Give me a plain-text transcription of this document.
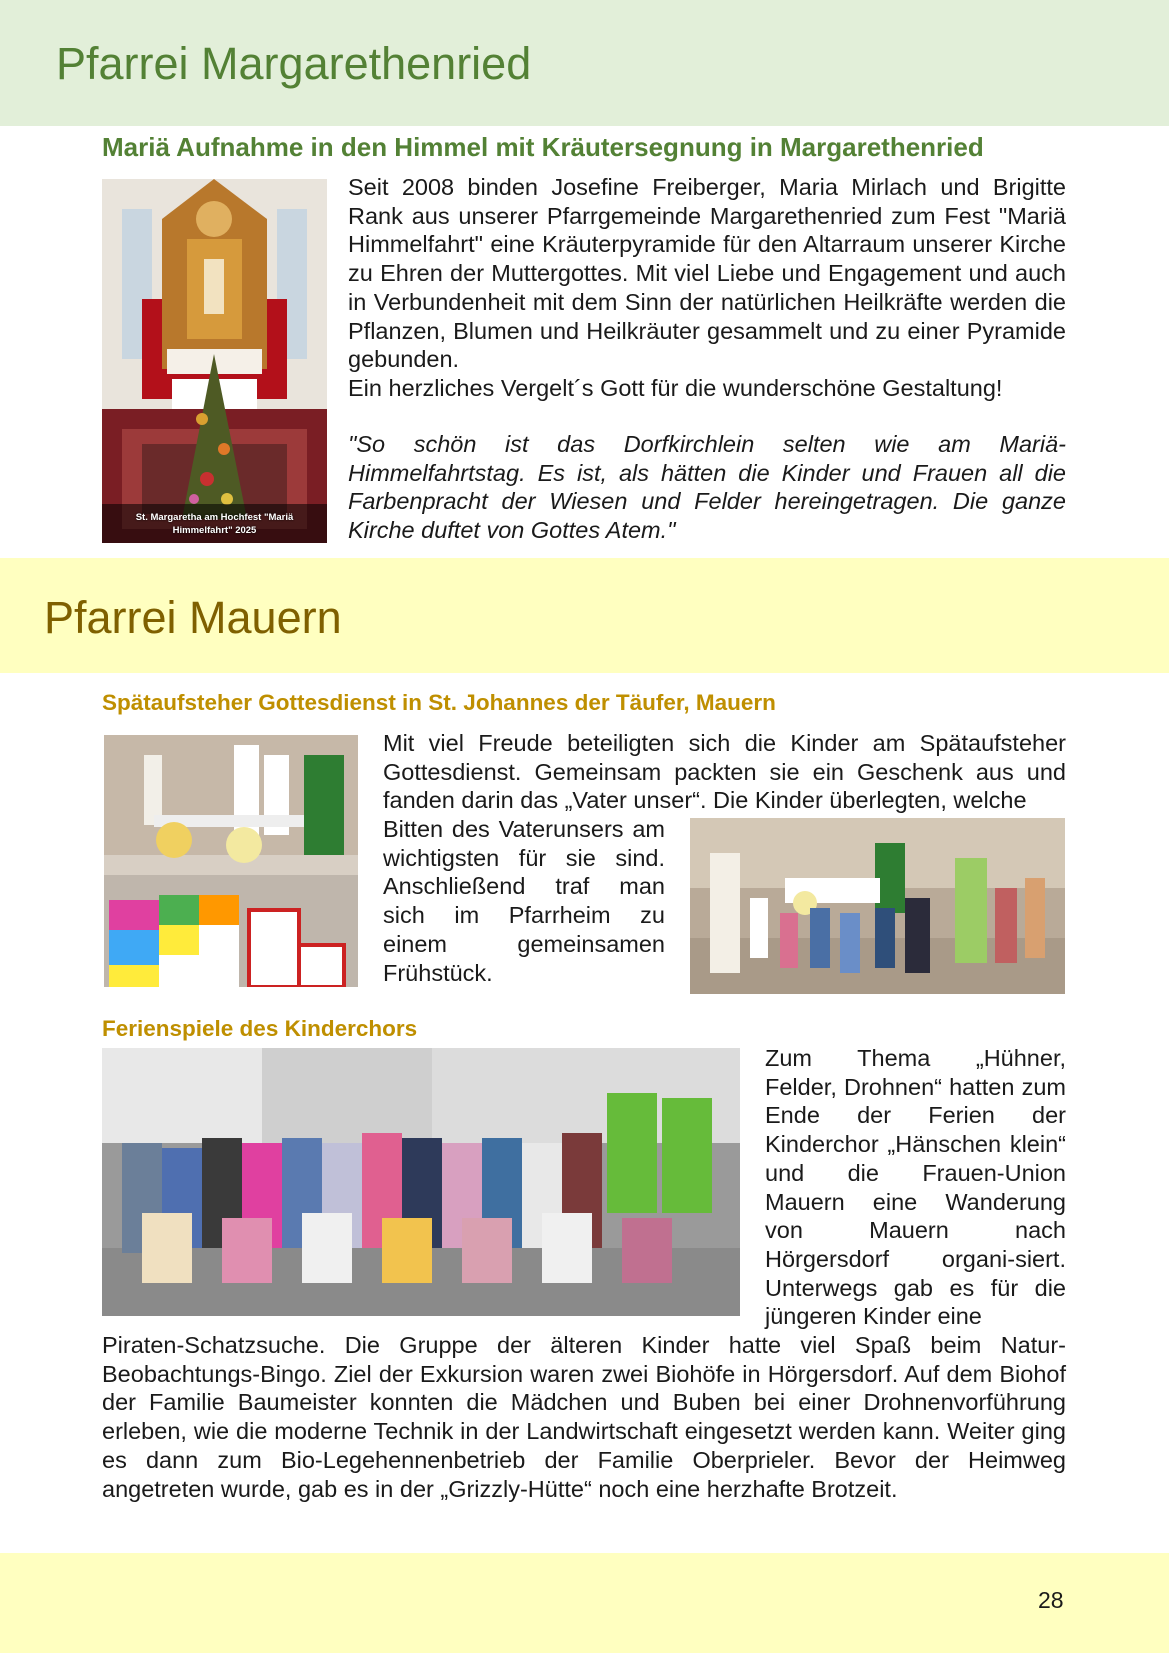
Pfarrei Margarethenried
Mariä Aufnahme in den Himmel mit Kräutersegnung in Margarethenried
St. Margaretha am Hochfest "Mariä
Himmelfahrt" 2025

Seit 2008 binden Josefine Freiberger, Maria Mirlach und Brigitte Rank aus unserer Pfarrgemeinde Margarethenried zum Fest "Mariä Himmelfahrt" eine Kräuterpyramide für den Altarraum unserer Kirche zu Ehren der Muttergottes. Mit viel Liebe und Engagement und auch in Verbundenheit mit dem Sinn der natürlichen Heilkräfte werden die Pflanzen, Blumen und Heilkräuter gesammelt und zu einer Pyramide gebunden.
Ein herzliches Vergelt´s Gott für die wunderschöne Gestaltung!

"So schön ist das Dorfkirchlein selten wie am Mariä-Himmelfahrtstag. Es ist, als hätten die Kinder und Frauen all die Farbenpracht der Wiesen und Felder hereingetragen. Die ganze Kirche duftet von Gottes Atem."

Pfarrei Mauern
Spätaufsteher Gottesdienst in St. Johannes der Täufer, Mauern

Mit viel Freude beteiligten sich die Kinder am Spätaufsteher Gottesdienst. Gemeinsam packten sie ein Geschenk aus und fanden darin das „Vater unser“. Die Kinder überlegten, welche

Bitten des Vaterunsers am wichtigsten für sie sind. Anschließend traf man sich im Pfarrheim zu einem gemeinsamen Frühstück.

Ferienspiele des Kinderchors

Zum Thema „Hühner, Felder, Drohnen“ hatten zum Ende der Ferien der Kinderchor „Hänschen klein“ und die Frauen-Union Mauern eine Wanderung von Mauern nach Hörgersdorf organi-siert. Unterwegs gab es für die jüngeren Kinder eine

Piraten-Schatzsuche. Die Gruppe der älteren Kinder hatte viel Spaß beim Natur-Beobachtungs-Bingo. Ziel der Exkursion waren zwei Biohöfe in Hörgersdorf. Auf dem Biohof der Familie Baumeister konnten die Mädchen und Buben bei einer Drohnenvorführung erleben, wie die moderne Technik in der Landwirtschaft eingesetzt werden kann. Weiter ging es dann zum Bio-Legehennenbetrieb der Familie Oberprieler. Bevor der Heimweg angetreten wurde, gab es in der „Grizzly-Hütte“ noch eine herzhafte Brotzeit.

28
